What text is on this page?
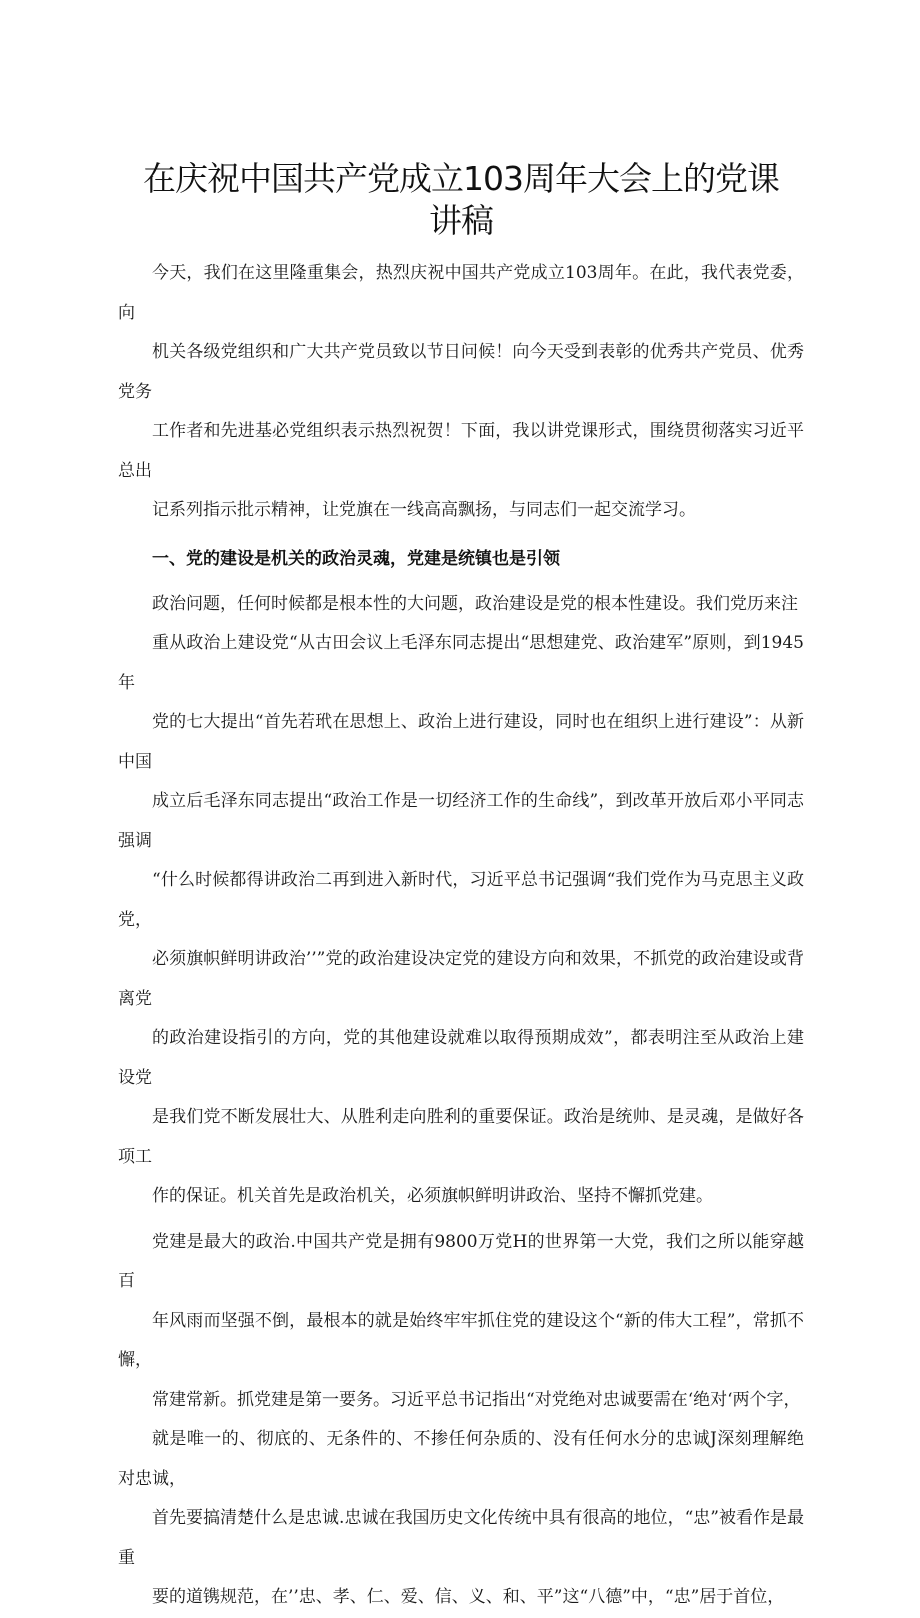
在庆祝中国共产党成立103周年大会上的党课
讲稿

今天，我们在这里隆重集会，热烈庆祝中国共产党成立103周年。在此，我代表党委，向
机关各级党组织和广大共产党员致以节日问候！向今天受到表彰的优秀共产党员、优秀党务
工作者和先进基必党组织表示热烈祝贺！下面，我以讲党课形式，围绕贯彻落实习近平总出
记系列指示批示精神，让党旗在一线高高飘扬，与同志们一起交流学习。

一、党的建设是机关的政治灵魂，党建是统镇也是引领

政治问题，任何时候都是根本性的大问题，政治建设是党的根本性建设。我们党历来注
重从政治上建设党“从古田会议上毛泽东同志提出“思想建党、政治建军”原则，到1945年
党的七大提出“首先若玳在思想上、政治上进行建设，同时也在组织上进行建设”：从新中国
成立后毛泽东同志提出“政治工作是一切经济工作的生命线”，到改革开放后邓小平同志强调
“什么时候都得讲政治二再到进入新时代，习近平总书记强调“我们党作为马克思主义政党，
必须旗帜鲜明讲政治’’”党的政治建设决定党的建设方向和效果，不抓党的政治建设或背离党
的政治建设指引的方向，党的其他建设就难以取得预期成效”，都表明注至从政治上建设党
是我们党不断发展壮大、从胜利走向胜利的重要保证。政治是统帅、是灵魂，是做好各项工
作的保证。机关首先是政治机关，必须旗帜鲜明讲政治、坚持不懈抓党建。

党建是最大的政治.中国共产党是拥有9800万党H的世界第一大党，我们之所以能穿越百
年风雨而坚强不倒，最根本的就是始终牢牢抓住党的建设这个“新的伟大工程”，常抓不懈，
常建常新。抓党建是第一要务。习近平总书记指出“对党绝对忠诚要需在‘绝对‘两个字，
就是唯一的、彻底的、无条件的、不掺任何杂质的、没有任何水分的忠诚J深刻理解绝对忠诚，
首先要搞清楚什么是忠诚.忠诚在我国历史文化传统中具有很高的地位，“忠”被看作是最重
要的道镌规范，在’’忠、孝、仁、爱、信、义、和、平”这“八德”中，“忠”居于首位，
